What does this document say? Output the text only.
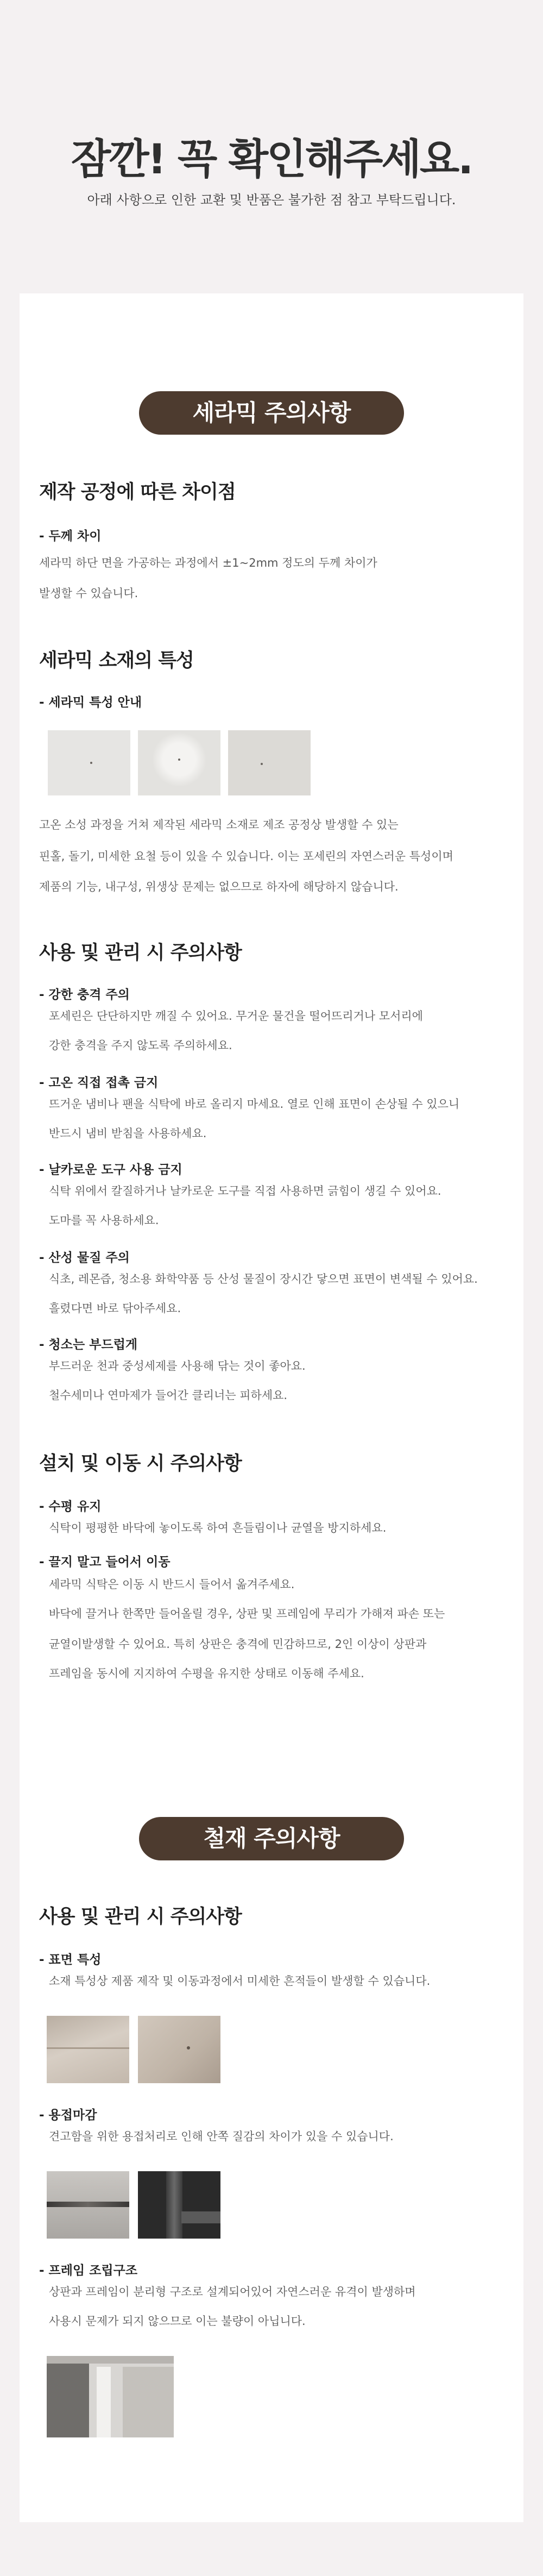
잠깐! 꼭 확인해주세요.
아래 사항으로 인한 교환 및 반품은 불가한 점 참고 부탁드립니다.
세라믹 주의사항
제작 공정에 따른 차이점
- 두께 차이
세라믹 하단 면을 가공하는 과정에서 ±1~2mm 정도의 두께 차이가
발생할 수 있습니다.
세라믹 소재의 특성
- 세라믹 특성 안내
고온 소성 과정을 거쳐 제작된 세라믹 소재로 제조 공정상 발생할 수 있는
핀홀, 돌기, 미세한 요철 등이 있을 수 있습니다. 이는 포세린의 자연스러운 특성이며
제품의 기능, 내구성, 위생상 문제는 없으므로 하자에 해당하지 않습니다.
사용 및 관리 시 주의사항
- 강한 충격 주의
포세린은 단단하지만 깨질 수 있어요. 무거운 물건을 떨어뜨리거나 모서리에
강한 충격을 주지 않도록 주의하세요.
- 고온 직접 접촉 금지
뜨거운 냄비나 팬을 식탁에 바로 올리지 마세요. 열로 인해 표면이 손상될 수 있으니
반드시 냄비 받침을 사용하세요.
- 날카로운 도구 사용 금지
식탁 위에서 칼질하거나 날카로운 도구를 직접 사용하면 긁힘이 생길 수 있어요.
도마를 꼭 사용하세요.
- 산성 물질 주의
식초, 레몬즙, 청소용 화학약품 등 산성 물질이 장시간 닿으면 표면이 변색될 수 있어요.
흘렸다면 바로 닦아주세요.
- 청소는 부드럽게
부드러운 천과 중성세제를 사용해 닦는 것이 좋아요.
철수세미나 연마제가 들어간 클리너는 피하세요.
설치 및 이동 시 주의사항
- 수평 유지
식탁이 평평한 바닥에 놓이도록 하여 흔들림이나 균열을 방지하세요.
- 끌지 말고 들어서 이동
세라믹 식탁은 이동 시 반드시 들어서 옮겨주세요.
바닥에 끌거나 한쪽만 들어올릴 경우, 상판 및 프레임에 무리가 가해져 파손 또는
균열이발생할 수 있어요. 특히 상판은 충격에 민감하므로, 2인 이상이 상판과
프레임을 동시에 지지하여 수평을 유지한 상태로 이동해 주세요.
철재 주의사항
사용 및 관리 시 주의사항
- 표면 특성
소재 특성상 제품 제작 및 이동과정에서 미세한 흔적들이 발생할 수 있습니다.
- 용접마감
견고함을 위한 용접처리로 인해 안쪽 질감의 차이가 있을 수 있습니다.
- 프레임 조립구조
상판과 프레임이 분리형 구조로 설계되어있어 자연스러운 유격이 발생하며
사용시 문제가 되지 않으므로 이는 불량이 아닙니다.
